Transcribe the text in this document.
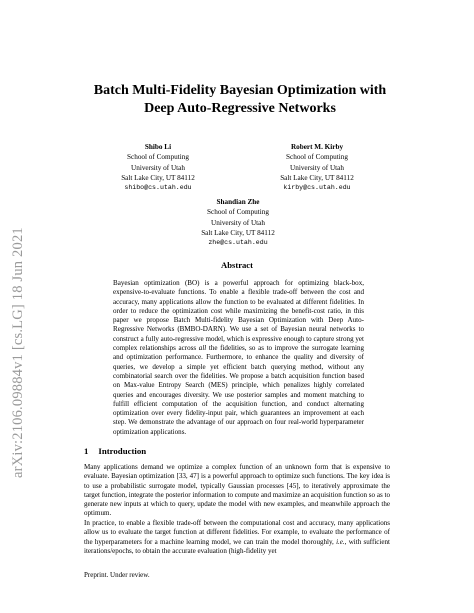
arXiv:2106.09884v1 [cs.LG] 18 Jun 2021
Batch Multi-Fidelity Bayesian Optimization with
Deep Auto-Regressive Networks
Shibo Li
School of Computing
University of Utah
Salt Lake City, UT 84112
shibo@cs.utah.edu
Robert M. Kirby
School of Computing
University of Utah
Salt Lake City, UT 84112
kirby@cs.utah.edu
Shandian Zhe
School of Computing
University of Utah
Salt Lake City, UT 84112
zhe@cs.utah.edu
Abstract
Bayesian optimization (BO) is a powerful approach for optimizing black-box, expensive-to-evaluate functions. To enable a flexible trade-off between the cost and accuracy, many applications allow the function to be evaluated at different fidelities. In order to reduce the optimization cost while maximizing the benefit-cost ratio, in this paper we propose Batch Multi-fidelity Bayesian Optimization with Deep Auto-Regressive Networks (BMBO-DARN). We use a set of Bayesian neural networks to construct a fully auto-regressive model, which is expressive enough to capture strong yet complex relationships across all the fidelities, so as to improve the surrogate learning and optimization performance. Furthermore, to enhance the quality and diversity of queries, we develop a simple yet efficient batch querying method, without any combinatorial search over the fidelities. We propose a batch acquisition function based on Max-value Entropy Search (MES) principle, which penalizes highly correlated queries and encourages diversity. We use posterior samples and moment matching to fulfill efficient computation of the acquisition function, and conduct alternating optimization over every fidelity-input pair, which guarantees an improvement at each step. We demonstrate the advantage of our approach on four real-world hyperparameter optimization applications.
1 Introduction
Many applications demand we optimize a complex function of an unknown form that is expensive to evaluate. Bayesian optimization [33, 47] is a powerful approach to optimize such functions. The key idea is to use a probabilistic surrogate model, typically Gaussian processes [45], to iteratively approximate the target function, integrate the posterior information to compute and maximize an acquisition function so as to generate new inputs at which to query, update the model with new examples, and meanwhile approach the optimum.
In practice, to enable a flexible trade-off between the computational cost and accuracy, many applications allow us to evaluate the target function at different fidelities. For example, to evaluate the performance of the hyperparameters for a machine learning model, we can train the model thoroughly, i.e., with sufficient iterations/epochs, to obtain the accurate evaluation (high-fidelity yet
Preprint. Under review.
